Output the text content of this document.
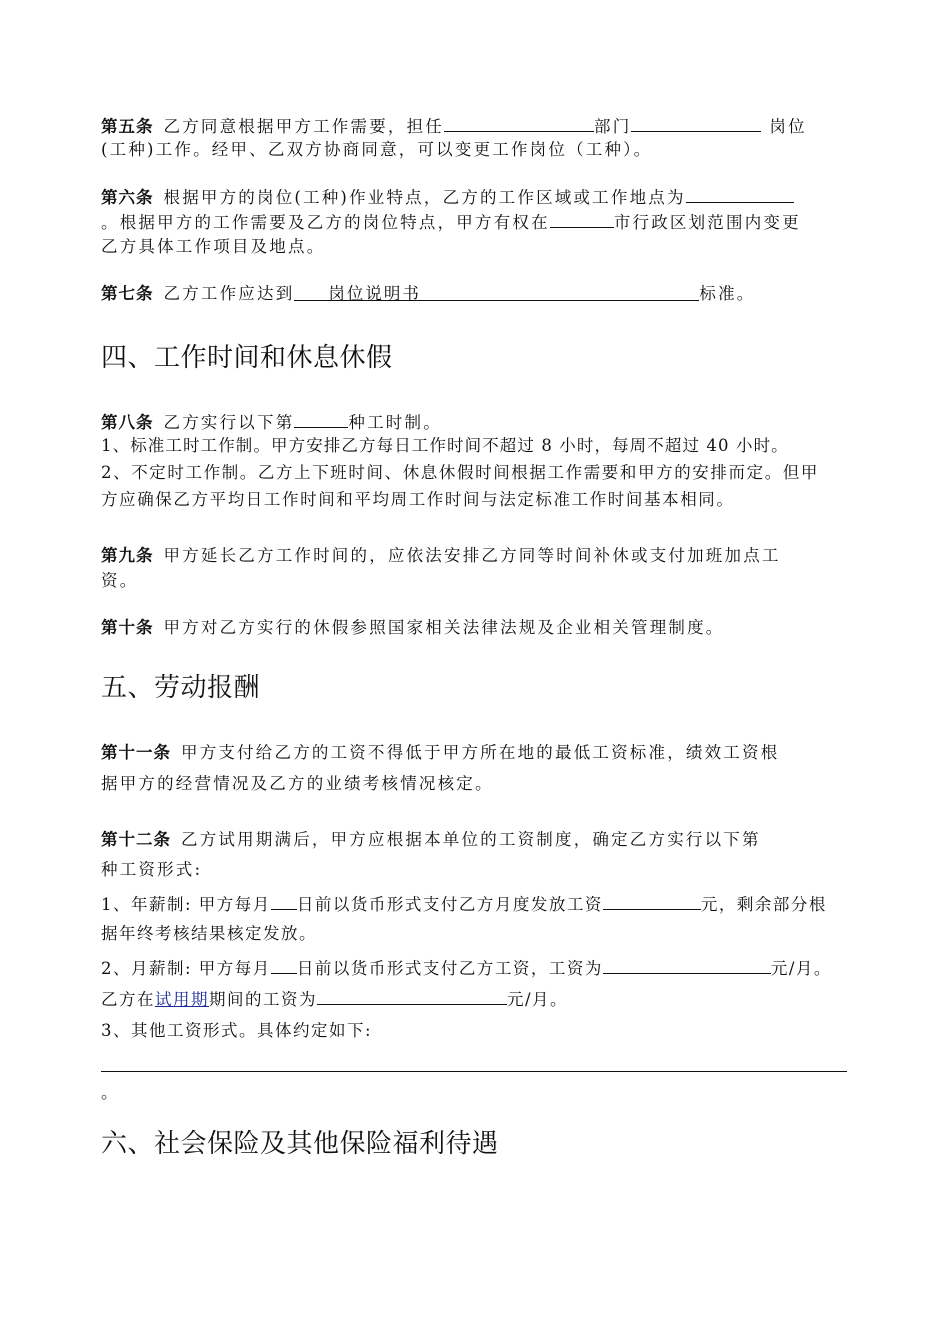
第五条 乙方同意根据甲方工作需要，担任	部门	岗位
(工种)工作。经甲、乙双方协商同意，可以变更工作岗位（工种）。
第六条 根据甲方的岗位(工种)作业特点，乙方的工作区域或工作地点为
。根据甲方的工作需要及乙方的岗位特点，甲方有权在	市行政区划范围内变更
乙方具体工作项目及地点。
第七条 乙方工作应达到 岗位说明书	标准。
四、工作时间和休息休假
第八条 乙方实行以下第	种工时制。
1、标准工时工作制。甲方安排乙方每日工作时间不超过 8 小时，每周不超过 40 小时。
2、不定时工作制。乙方上下班时间、休息休假时间根据工作需要和甲方的安排而定。但甲
方应确保乙方平均日工作时间和平均周工作时间与法定标准工作时间基本相同。
第九条 甲方延长乙方工作时间的，应依法安排乙方同等时间补休或支付加班加点工
资。
第十条 甲方对乙方实行的休假参照国家相关法律法规及企业相关管理制度。
五、劳动报酬
第十一条 甲方支付给乙方的工资不得低于甲方所在地的最低工资标准，绩效工资根
据甲方的经营情况及乙方的业绩考核情况核定。
第十二条 乙方试用期满后，甲方应根据本单位的工资制度，确定乙方实行以下第
种工资形式:
1、年薪制: 甲方每月 日前以货币形式支付乙方月度发放工资	元，剩余部分根
据年终考核结果核定发放。
2、月薪制: 甲方每月 日前以货币形式支付乙方工资，工资为	元/月。
乙方在试用期期间的工资为	元/月。
3、其他工资形式。具体约定如下:
。
六、社会保险及其他保险福利待遇
